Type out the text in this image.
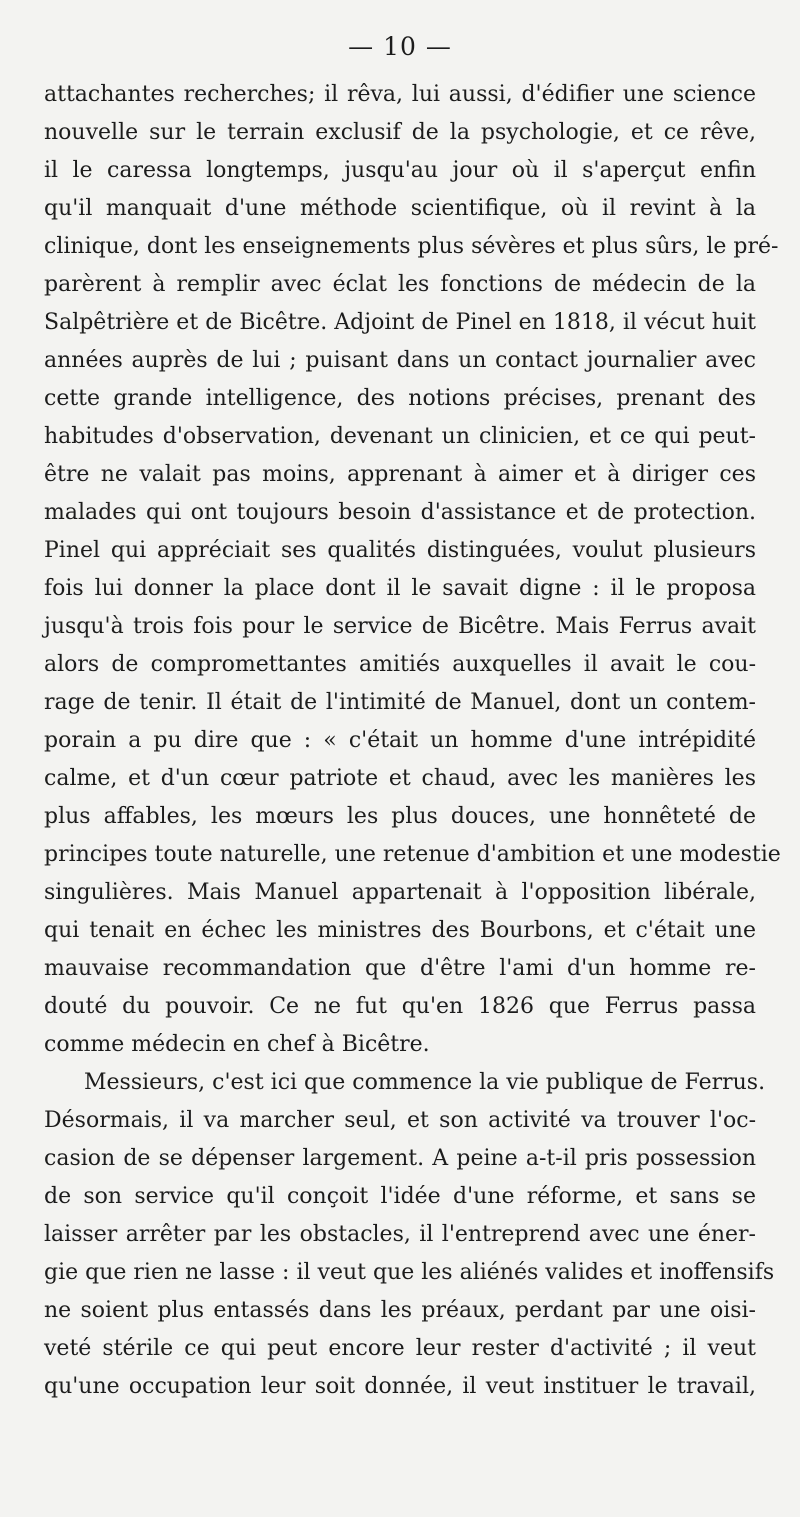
— 10 —
attachantes recherches; il rêva, lui aussi, d'édifier une science
nouvelle sur le terrain exclusif de la psychologie, et ce rêve,
il le caressa longtemps, jusqu'au jour où il s'aperçut enfin
qu'il manquait d'une méthode scientifique, où il revint à la
clinique, dont les enseignements plus sévères et plus sûrs, le pré-
parèrent à remplir avec éclat les fonctions de médecin de la
Salpêtrière et de Bicêtre. Adjoint de Pinel en 1818, il vécut huit
années auprès de lui ; puisant dans un contact journalier avec
cette grande intelligence, des notions précises, prenant des
habitudes d'observation, devenant un clinicien, et ce qui peut-
être ne valait pas moins, apprenant à aimer et à diriger ces
malades qui ont toujours besoin d'assistance et de protection.
Pinel qui appréciait ses qualités distinguées, voulut plusieurs
fois lui donner la place dont il le savait digne : il le proposa
jusqu'à trois fois pour le service de Bicêtre. Mais Ferrus avait
alors de compromettantes amitiés auxquelles il avait le cou-
rage de tenir. Il était de l'intimité de Manuel, dont un contem-
porain a pu dire que : « c'était un homme d'une intrépidité
calme, et d'un cœur patriote et chaud, avec les manières les
plus affables, les mœurs les plus douces, une honnêteté de
principes toute naturelle, une retenue d'ambition et une modestie
singulières. Mais Manuel appartenait à l'opposition libérale,
qui tenait en échec les ministres des Bourbons, et c'était une
mauvaise recommandation que d'être l'ami d'un homme re-
douté du pouvoir. Ce ne fut qu'en 1826 que Ferrus passa
comme médecin en chef à Bicêtre.
Messieurs, c'est ici que commence la vie publique de Ferrus.
Désormais, il va marcher seul, et son activité va trouver l'oc-
casion de se dépenser largement. A peine a-t-il pris possession
de son service qu'il conçoit l'idée d'une réforme, et sans se
laisser arrêter par les obstacles, il l'entreprend avec une éner-
gie que rien ne lasse : il veut que les aliénés valides et inoffensifs
ne soient plus entassés dans les préaux, perdant par une oisi-
veté stérile ce qui peut encore leur rester d'activité ; il veut
qu'une occupation leur soit donnée, il veut instituer le travail,
